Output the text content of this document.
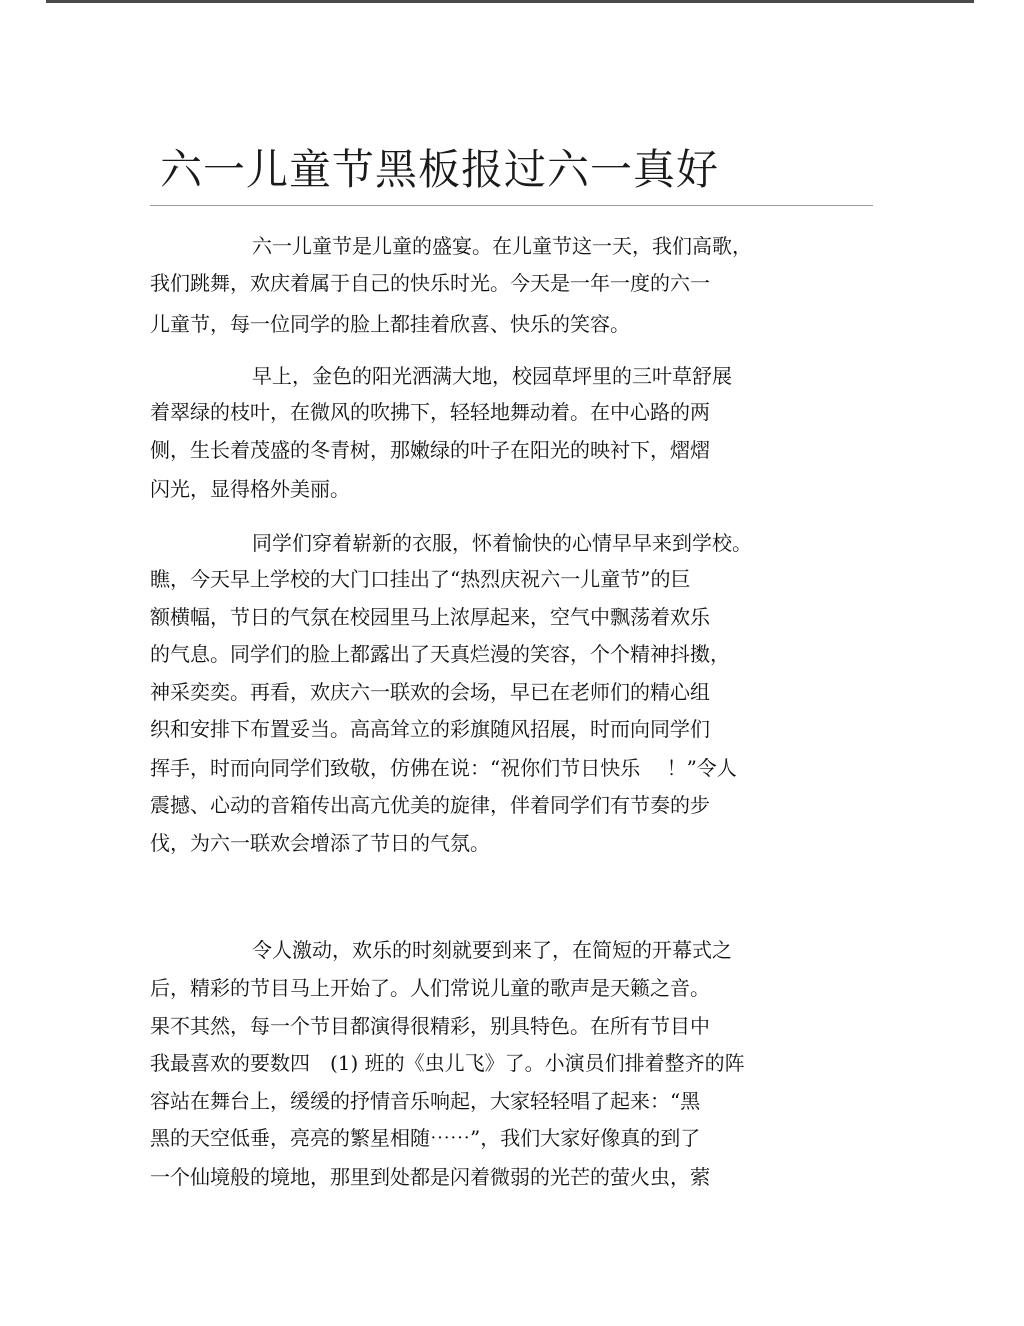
六一儿童节黑板报过六一真好
六一儿童节是儿童的盛宴。在儿童节这一天，我们高歌，
我们跳舞，欢庆着属于自己的快乐时光。今天是一年一度的六一
儿童节，每一位同学的脸上都挂着欣喜、快乐的笑容。
早上，金色的阳光洒满大地，校园草坪里的三叶草舒展
着翠绿的枝叶，在微风的吹拂下，轻轻地舞动着。在中心路的两
侧，生长着茂盛的冬青树，那嫩绿的叶子在阳光的映衬下，熠熠
闪光，显得格外美丽。
同学们穿着崭新的衣服，怀着愉快的心情早早来到学校。
瞧，今天早上学校的大门口挂出了“热烈庆祝六一儿童节”的巨
额横幅，节日的气氛在校园里马上浓厚起来，空气中飘荡着欢乐
的气息。同学们的脸上都露出了天真烂漫的笑容，个个精神抖擞，
神采奕奕。再看，欢庆六一联欢的会场，早已在老师们的精心组
织和安排下布置妥当。高高耸立的彩旗随风招展，时而向同学们
挥手，时而向同学们致敬，仿佛在说：“祝你们节日快乐　 ！”令人
震撼、心动的音箱传出高亢优美的旋律，伴着同学们有节奏的步
伐，为六一联欢会增添了节日的气氛。
令人激动，欢乐的时刻就要到来了，在简短的开幕式之
后，精彩的节目马上开始了。人们常说儿童的歌声是天籁之音。
果不其然，每一个节目都演得很精彩，别具特色。在所有节目中
我最喜欢的要数四　(1) 班的《虫儿飞》了。小演员们排着整齐的阵
容站在舞台上，缓缓的抒情音乐响起，大家轻轻唱了起来：“黑
黑的天空低垂，亮亮的繁星相随⋯⋯”，我们大家好像真的到了
一个仙境般的境地，那里到处都是闪着微弱的光芒的萤火虫，萦
